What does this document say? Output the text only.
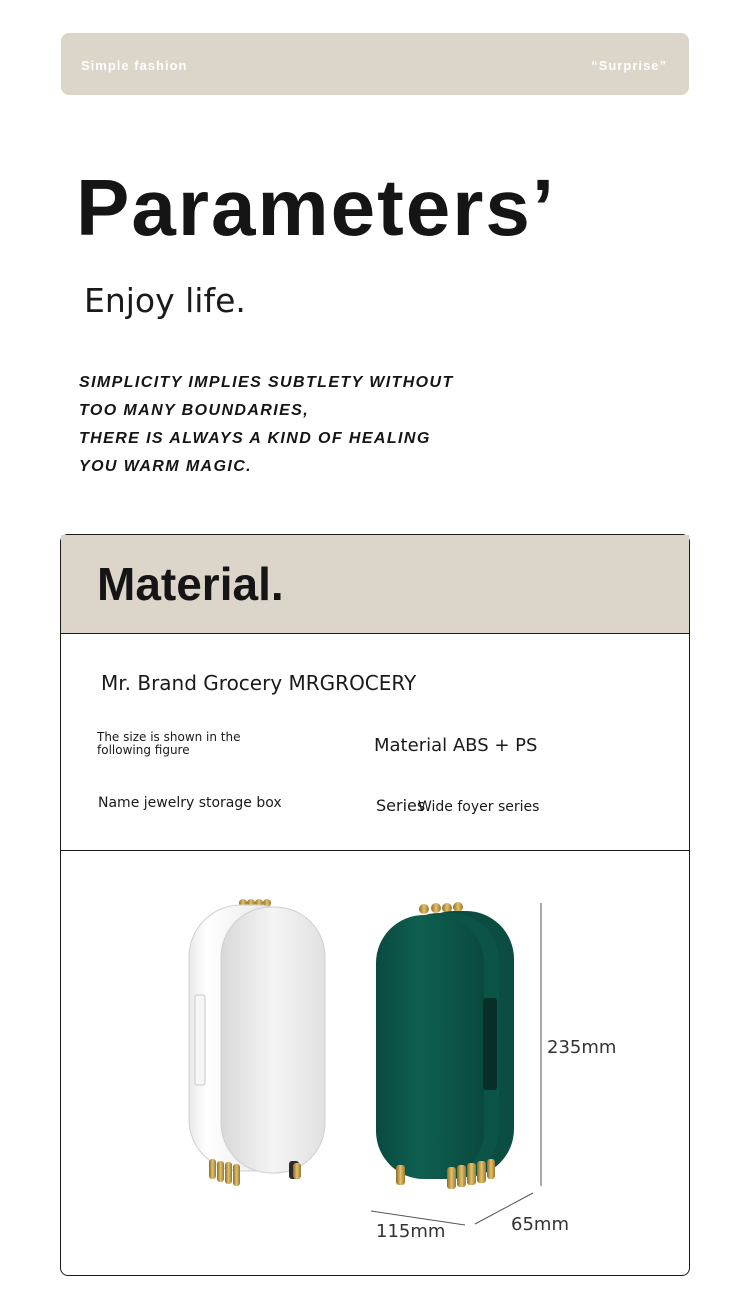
Simple fashion	“Surprise”
Parameters’
Enjoy life.
SIMPLICITY IMPLIES SUBTLETY WITHOUT
TOO MANY BOUNDARIES,
THERE IS ALWAYS A KIND OF HEALING
YOU WARM MAGIC.
Material.
Mr. Brand Grocery MRGROCERY
The size is shown in the following figure	Material ABS + PS
Name jewelry storage box	SeriesWide foyer series
235mm
115mm	65mm
